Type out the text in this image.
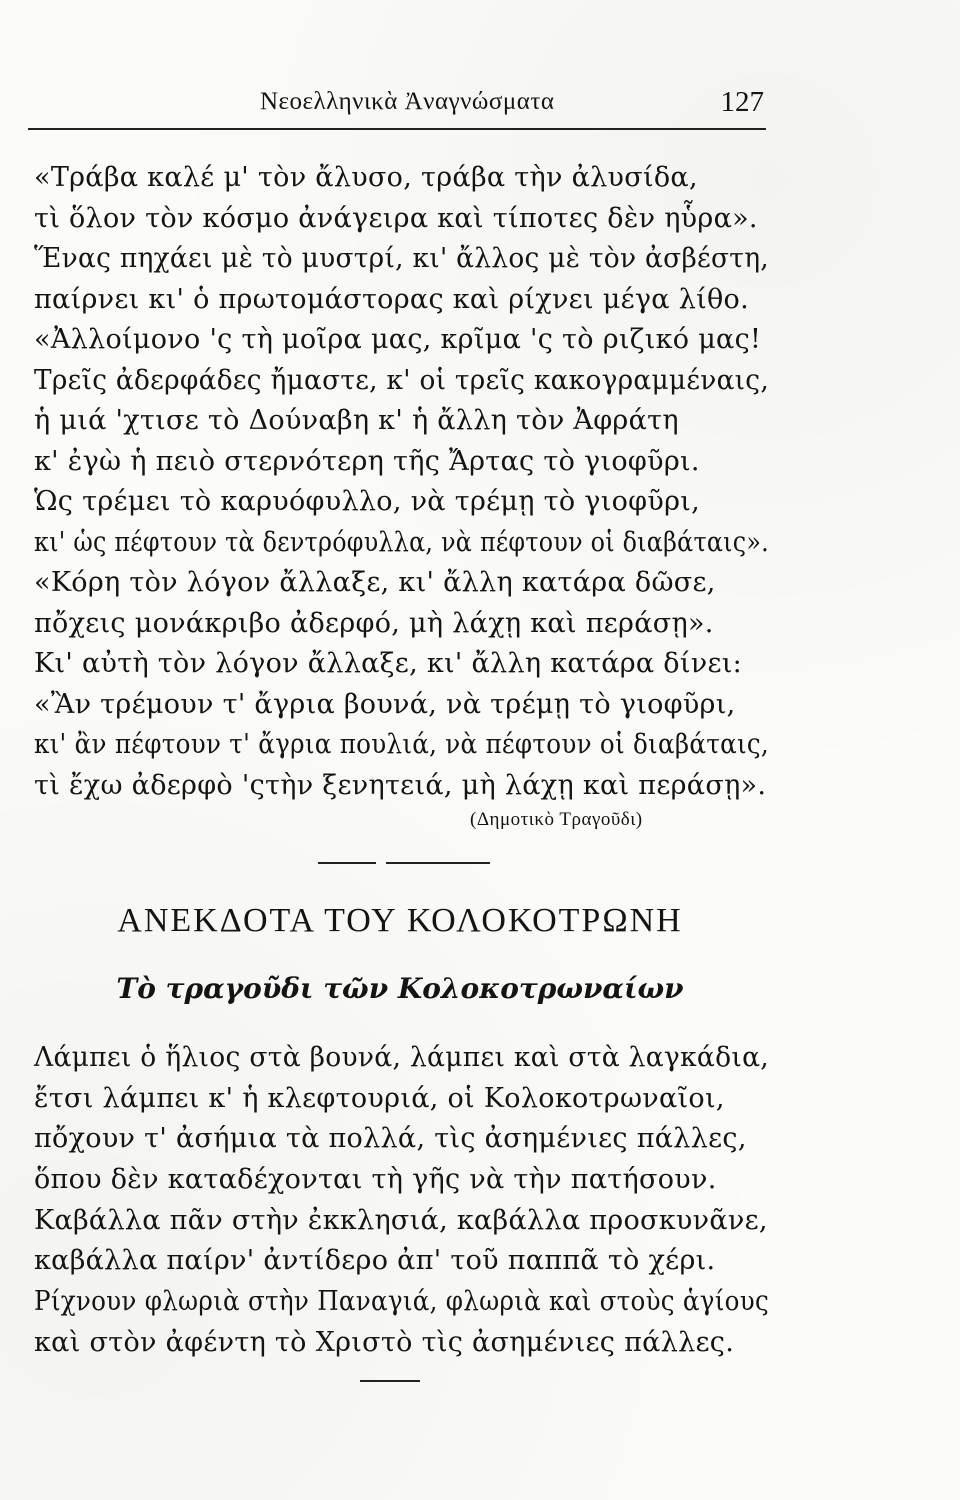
Νεοελληνικὰ Ἀναγνώσματα	127
«Τράβα καλέ μ' τὸν ἄλυσο, τράβα τὴν ἀλυσίδα,
τὶ ὅλον τὸν κόσμο ἀνάγειρα καὶ τίποτες δὲν ηὗρα».
Ἕνας πηχάει μὲ τὸ μυστρί, κι' ἄλλος μὲ τὸν ἀσβέστη,
παίρνει κι' ὁ πρωτομάστορας καὶ ρίχνει μέγα λίθο.
«Ἀλλοίμονο 'ς τὴ μοῖρα μας, κρῖμα 'ς τὸ ριζικό μας!
Τρεῖς ἀδερφάδες ἤμαστε, κ' οἱ τρεῖς κακογραμμέναις,
ἡ μιά 'χτισε τὸ Δούναβη κ' ἡ ἄλλη τὸν Ἀφράτη
κ' ἐγὼ ἡ πειὸ στερνότερη τῆς Ἄρτας τὸ γιοφῦρι.
Ὡς τρέμει τὸ καρυόφυλλο, νὰ τρέμῃ τὸ γιοφῦρι,
κι' ὡς πέφτουν τὰ δεντρόφυλλα, νὰ πέφτουν οἱ διαβάταις».
«Κόρη τὸν λόγον ἄλλαξε, κι' ἄλλη κατάρα δῶσε,
πὄχεις μονάκριβο ἀδερφό, μὴ λάχῃ καὶ περάσῃ».
Κι' αὐτὴ τὸν λόγον ἄλλαξε, κι' ἄλλη κατάρα δίνει:
«Ἂν τρέμουν τ' ἄγρια βουνά, νὰ τρέμῃ τὸ γιοφῦρι,
κι' ἂν πέφτουν τ' ἄγρια πουλιά, νὰ πέφτουν οἱ διαβάταις,
τὶ ἔχω ἀδερφὸ 'ςτὴν ξενητειά, μὴ λάχῃ καὶ περάσῃ».
(Δημοτικὸ Τραγοῦδι)
ΑΝΕΚΔΟΤΑ ΤΟΥ ΚΟΛΟΚΟΤΡΩΝΗ
Τὸ τραγοῦδι τῶν Κολοκοτρωναίων
Λάμπει ὁ ἥλιος στὰ βουνά, λάμπει καὶ στὰ λαγκάδια,
ἔτσι λάμπει κ' ἡ κλεφτουριά, οἱ Κολοκοτρωναῖοι,
πὄχουν τ' ἀσήμια τὰ πολλά, τὶς ἀσημένιες πάλλες,
ὅπου δὲν καταδέχονται τὴ γῆς νὰ τὴν πατήσουν.
Καβάλλα πᾶν στὴν ἐκκλησιά, καβάλλα προσκυνᾶνε,
καβάλλα παίρν' ἀντίδερο ἀπ' τοῦ παππᾶ τὸ χέρι.
Ρίχνουν φλωριὰ στὴν Παναγιά, φλωριὰ καὶ στοὺς ἁγίους
καὶ στὸν ἀφέντη τὸ Χριστὸ τὶς ἀσημένιες πάλλες.
